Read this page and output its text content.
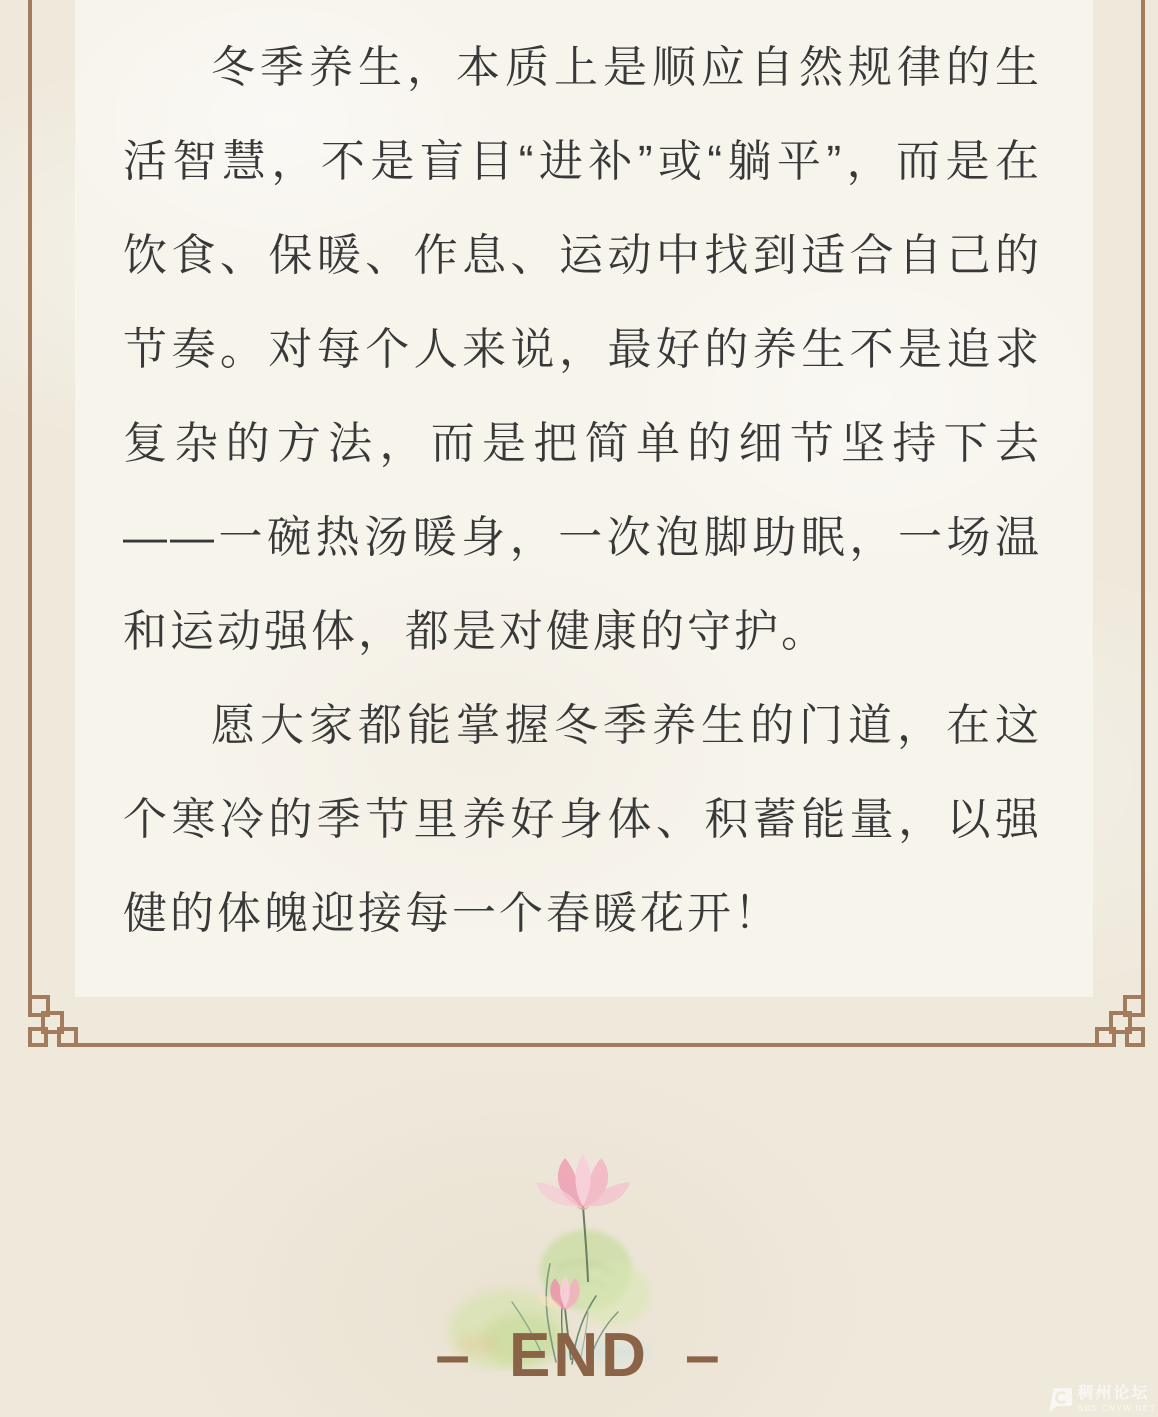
冬季养生，本质上是顺应自然规律的生
活智慧，不是盲目“进补”或“躺平”，而是在
饮食、保暖、作息、运动中找到适合自己的
节奏。对每个人来说，最好的养生不是追求
复杂的方法，而是把简单的细节坚持下去
——一碗热汤暖身，一次泡脚助眠，一场温
和运动强体，都是对健康的守护。
愿大家都能掌握冬季养生的门道，在这
个寒冷的季节里养好身体、积蓄能量，以强
健的体魄迎接每一个春暖花开！
– END –
稠州论坛
BBS.CNYW.NET
